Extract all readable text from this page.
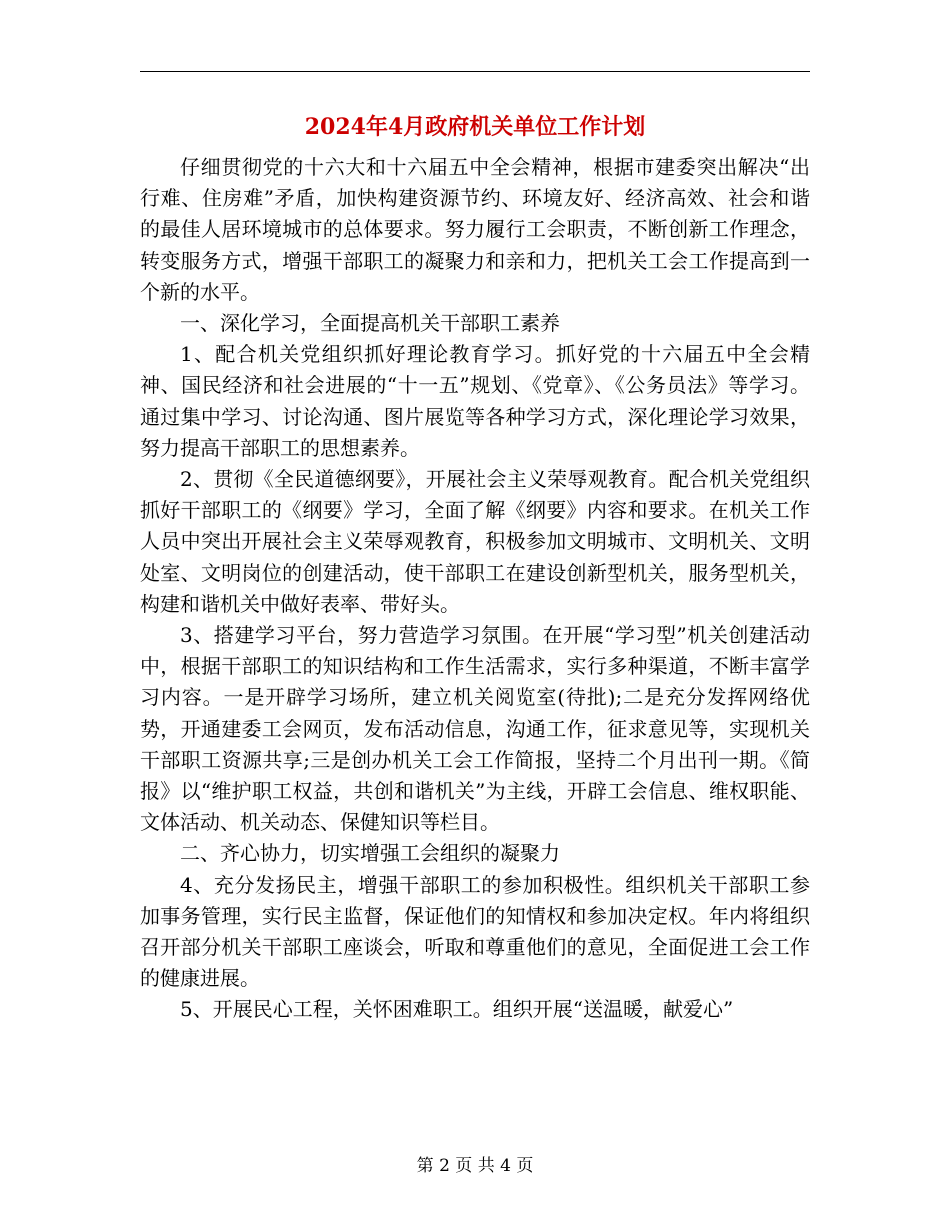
2024年4月政府机关单位工作计划

仔细贯彻党的十六大和十六届五中全会精神，根据市建委突出解决“出行难、住房难”矛盾，加快构建资源节约、环境友好、经济高效、社会和谐的最佳人居环境城市的总体要求。努力履行工会职责，不断创新工作理念，转变服务方式，增强干部职工的凝聚力和亲和力，把机关工会工作提高到一个新的水平。

一、深化学习，全面提高机关干部职工素养

1、配合机关党组织抓好理论教育学习。抓好党的十六届五中全会精神、国民经济和社会进展的“十一五”规划、《党章》、《公务员法》等学习。通过集中学习、讨论沟通、图片展览等各种学习方式，深化理论学习效果，努力提高干部职工的思想素养。

2、贯彻《全民道德纲要》，开展社会主义荣辱观教育。配合机关党组织抓好干部职工的《纲要》学习，全面了解《纲要》内容和要求。在机关工作人员中突出开展社会主义荣辱观教育，积极参加文明城市、文明机关、文明处室、文明岗位的创建活动，使干部职工在建设创新型机关，服务型机关，构建和谐机关中做好表率、带好头。

3、搭建学习平台，努力营造学习氛围。在开展“学习型”机关创建活动中，根据干部职工的知识结构和工作生活需求，实行多种渠道，不断丰富学习内容。一是开辟学习场所，建立机关阅览室(待批);二是充分发挥网络优势，开通建委工会网页，发布活动信息，沟通工作，征求意见等，实现机关干部职工资源共享;三是创办机关工会工作简报，坚持二个月出刊一期。《简报》以“维护职工权益，共创和谐机关”为主线，开辟工会信息、维权职能、文体活动、机关动态、保健知识等栏目。

二、齐心协力，切实增强工会组织的凝聚力

4、充分发扬民主，增强干部职工的参加积极性。组织机关干部职工参加事务管理，实行民主监督，保证他们的知情权和参加决定权。年内将组织召开部分机关干部职工座谈会，听取和尊重他们的意见，全面促进工会工作的健康进展。

5、开展民心工程，关怀困难职工。组织开展“送温暖，献爱心”

第 2 页 共 4 页
